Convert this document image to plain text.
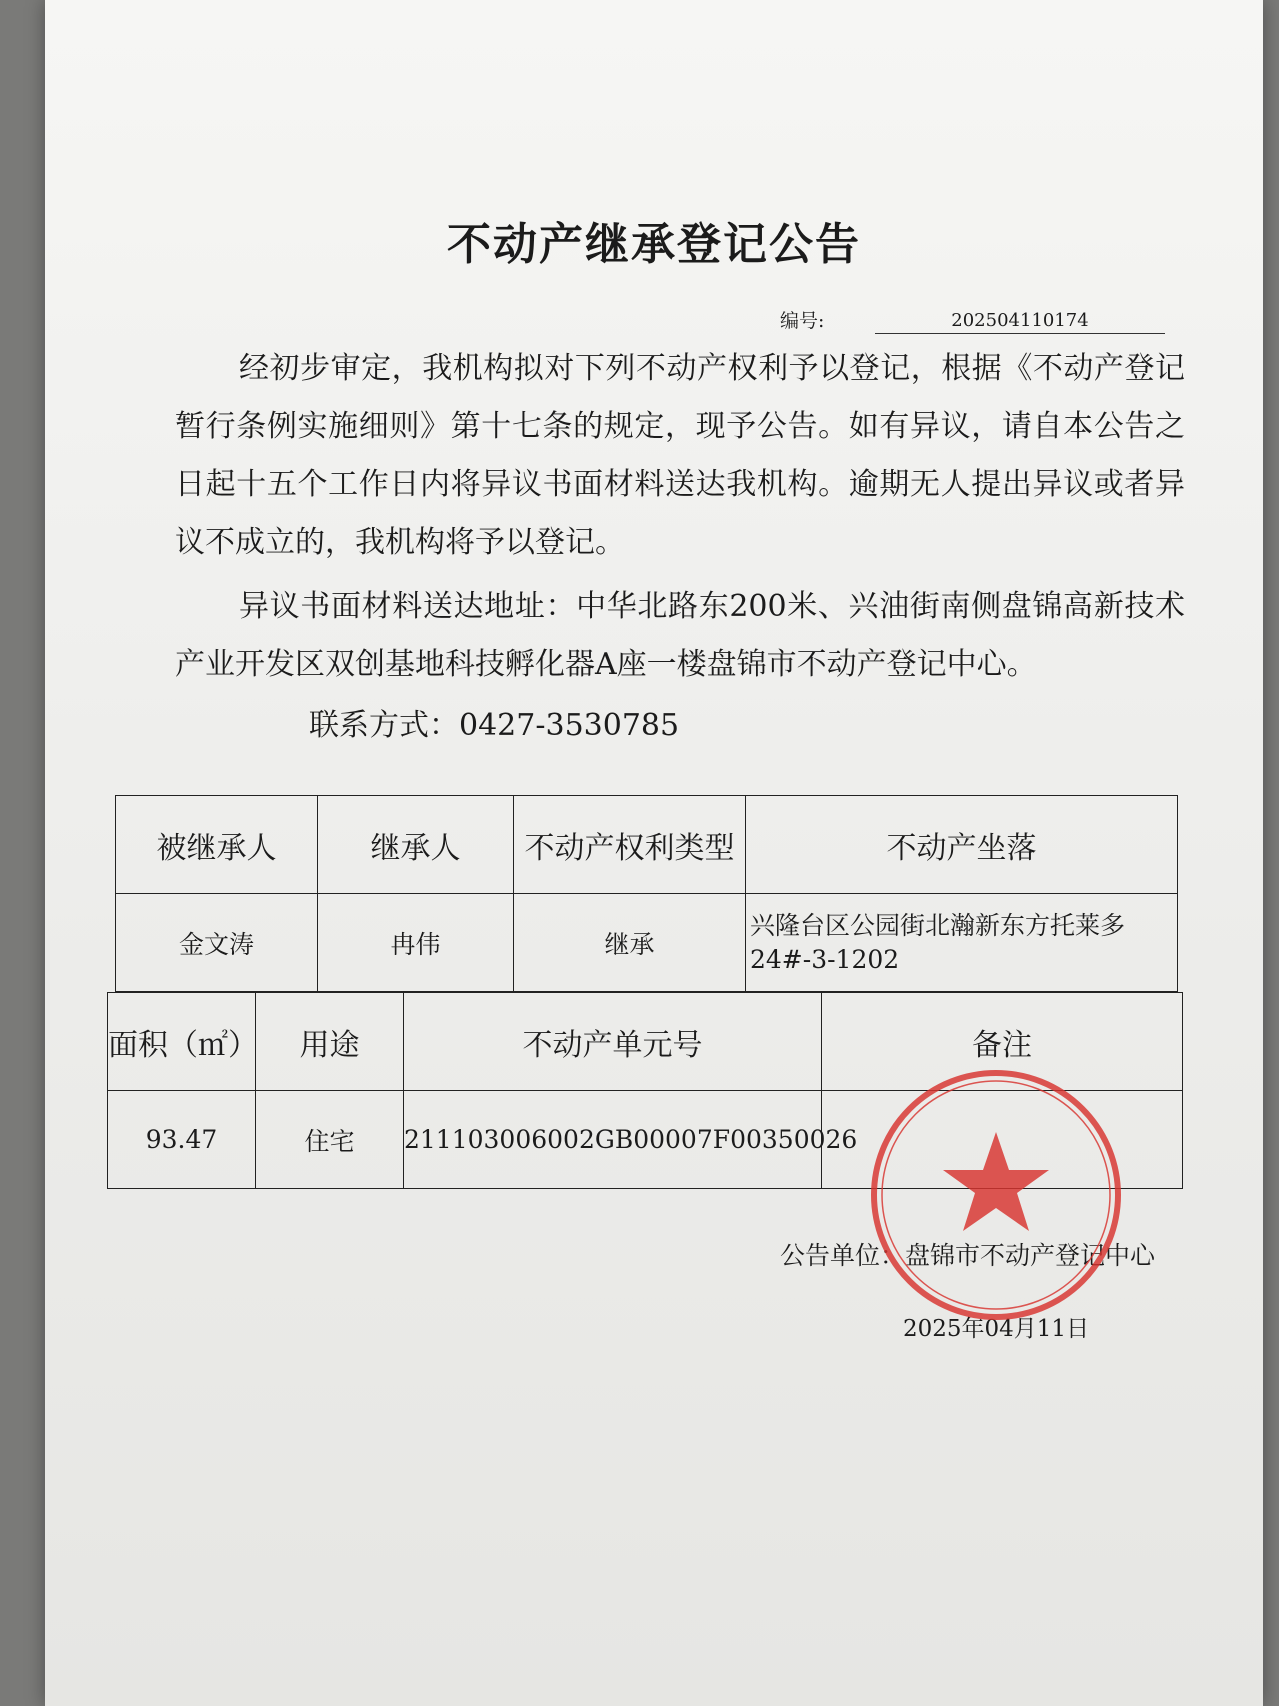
不动产继承登记公告
编号:	202504110174

经初步审定，我机构拟对下列不动产权利予以登记，根据《不动产登记暂行条例实施细则》第十七条的规定，现予公告。如有异议，请自本公告之日起十五个工作日内将异议书面材料送达我机构。逾期无人提出异议或者异议不成立的，我机构将予以登记。

异议书面材料送达地址：中华北路东200米、兴油街南侧盘锦高新技术产业开发区双创基地科技孵化器A座一楼盘锦市不动产登记中心。

联系方式：0427-3530785
被继承人	继承人	不动产权利类型	不动产坐落
金文涛	冉伟	继承	兴隆台区公园街北瀚新东方托莱多24#-3-1202
面积（㎡）	用途	不动产单元号	备注
93.47	住宅	211103006002GB00007F00350026	
公告单位：盘锦市不动产登记中心
2025年04月11日
